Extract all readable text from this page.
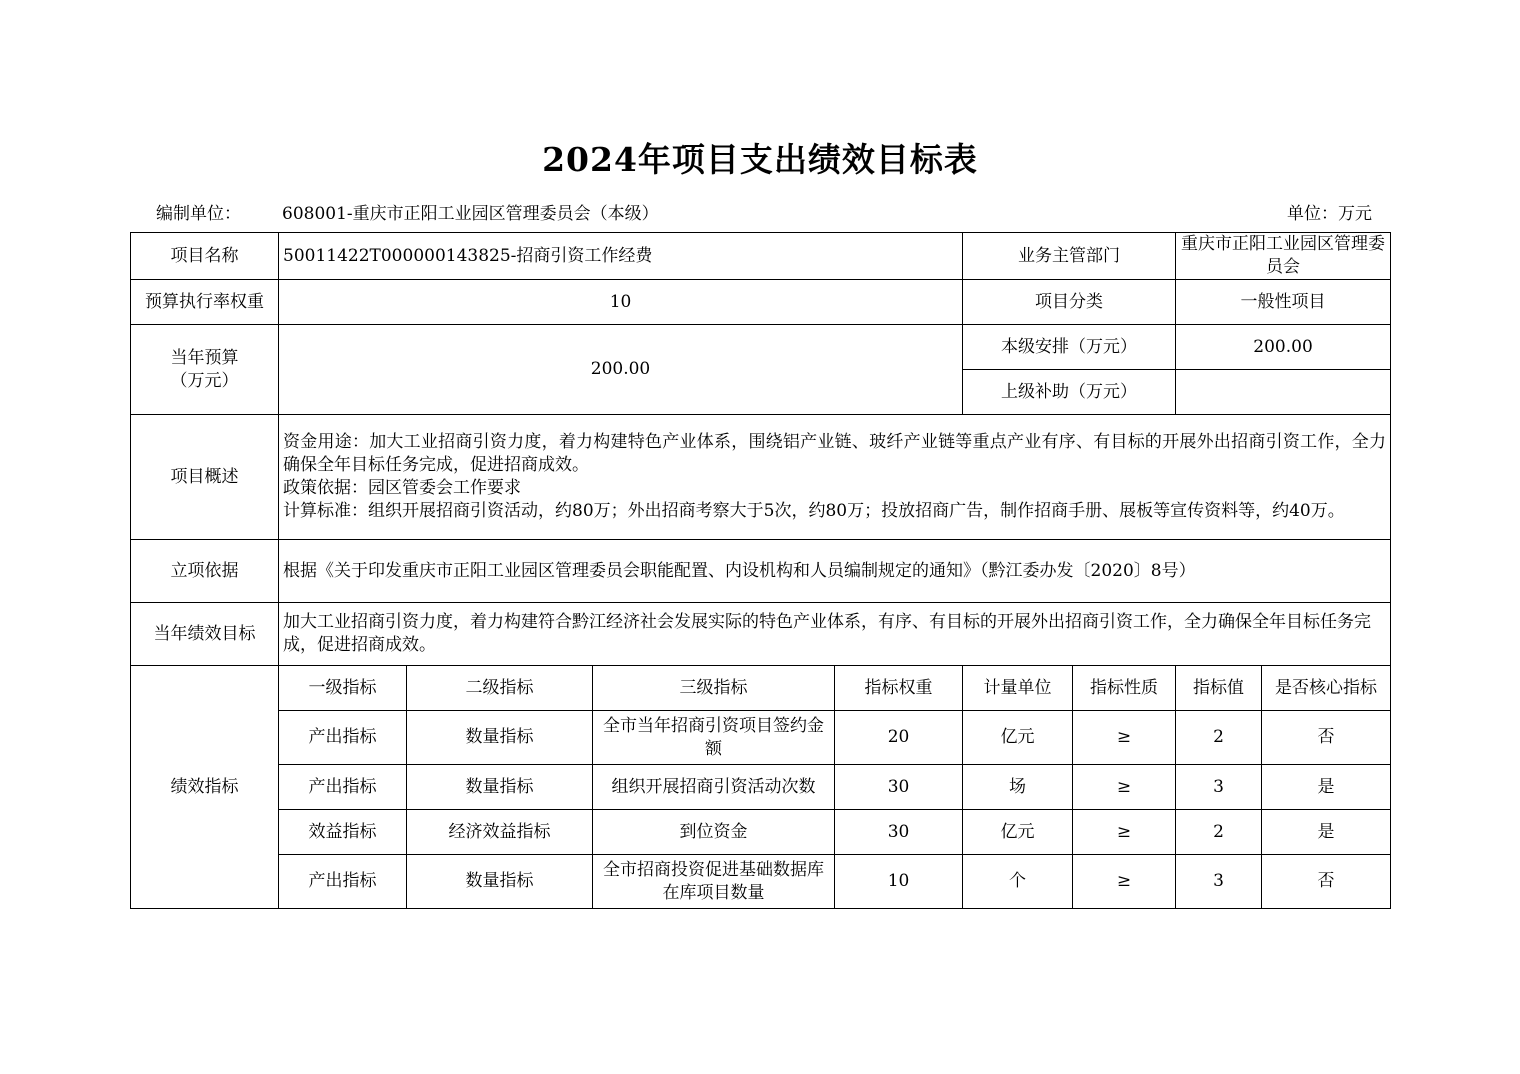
2024年项目支出绩效目标表
编制单位： 608001-重庆市正阳工业园区管理委员会（本级）	单位：万元
项目名称	50011422T000000143825-招商引资工作经费				业务主管部门		重庆市正阳工业园区管理委员会	
预算执行率权重	10				项目分类		一般性项目	
当年预算
（万元）	200.00				本级安排（万元）		200.00	
					上级补助（万元）			
项目概述	资金用途：加大工业招商引资力度，着力构建特色产业体系，围绕铝产业链、玻纤产业链等重点产业有序、有目标的开展外出招商引资工作，全力确保全年目标任务完成，促进招商成效。
政策依据：园区管委会工作要求
计算标准：组织开展招商引资活动，约80万；外出招商考察大于5次，约80万；投放招商广告，制作招商手册、展板等宣传资料等，约40万。							

立项依据	根据《关于印发重庆市正阳工业园区管理委员会职能配置、内设机构和人员编制规定的通知》（黔江委办发〔2020〕8号）							
当年绩效目标	加大工业招商引资力度，着力构建符合黔江经济社会发展实际的特色产业体系，有序、有目标的开展外出招商引资工作，全力确保全年目标任务完成，促进招商成效。							
绩效指标	一级指标	二级指标	三级指标	指标权重	计量单位	指标性质	指标值	是否核心指标
	产出指标	数量指标	全市当年招商引资项目签约金额	20	亿元	≥	2	否
	产出指标	数量指标	组织开展招商引资活动次数	30	场	≥	3	是
	效益指标	经济效益指标	到位资金	30	亿元	≥	2	是
	产出指标	数量指标	全市招商投资促进基础数据库在库项目数量	10	个	≥	3	否
